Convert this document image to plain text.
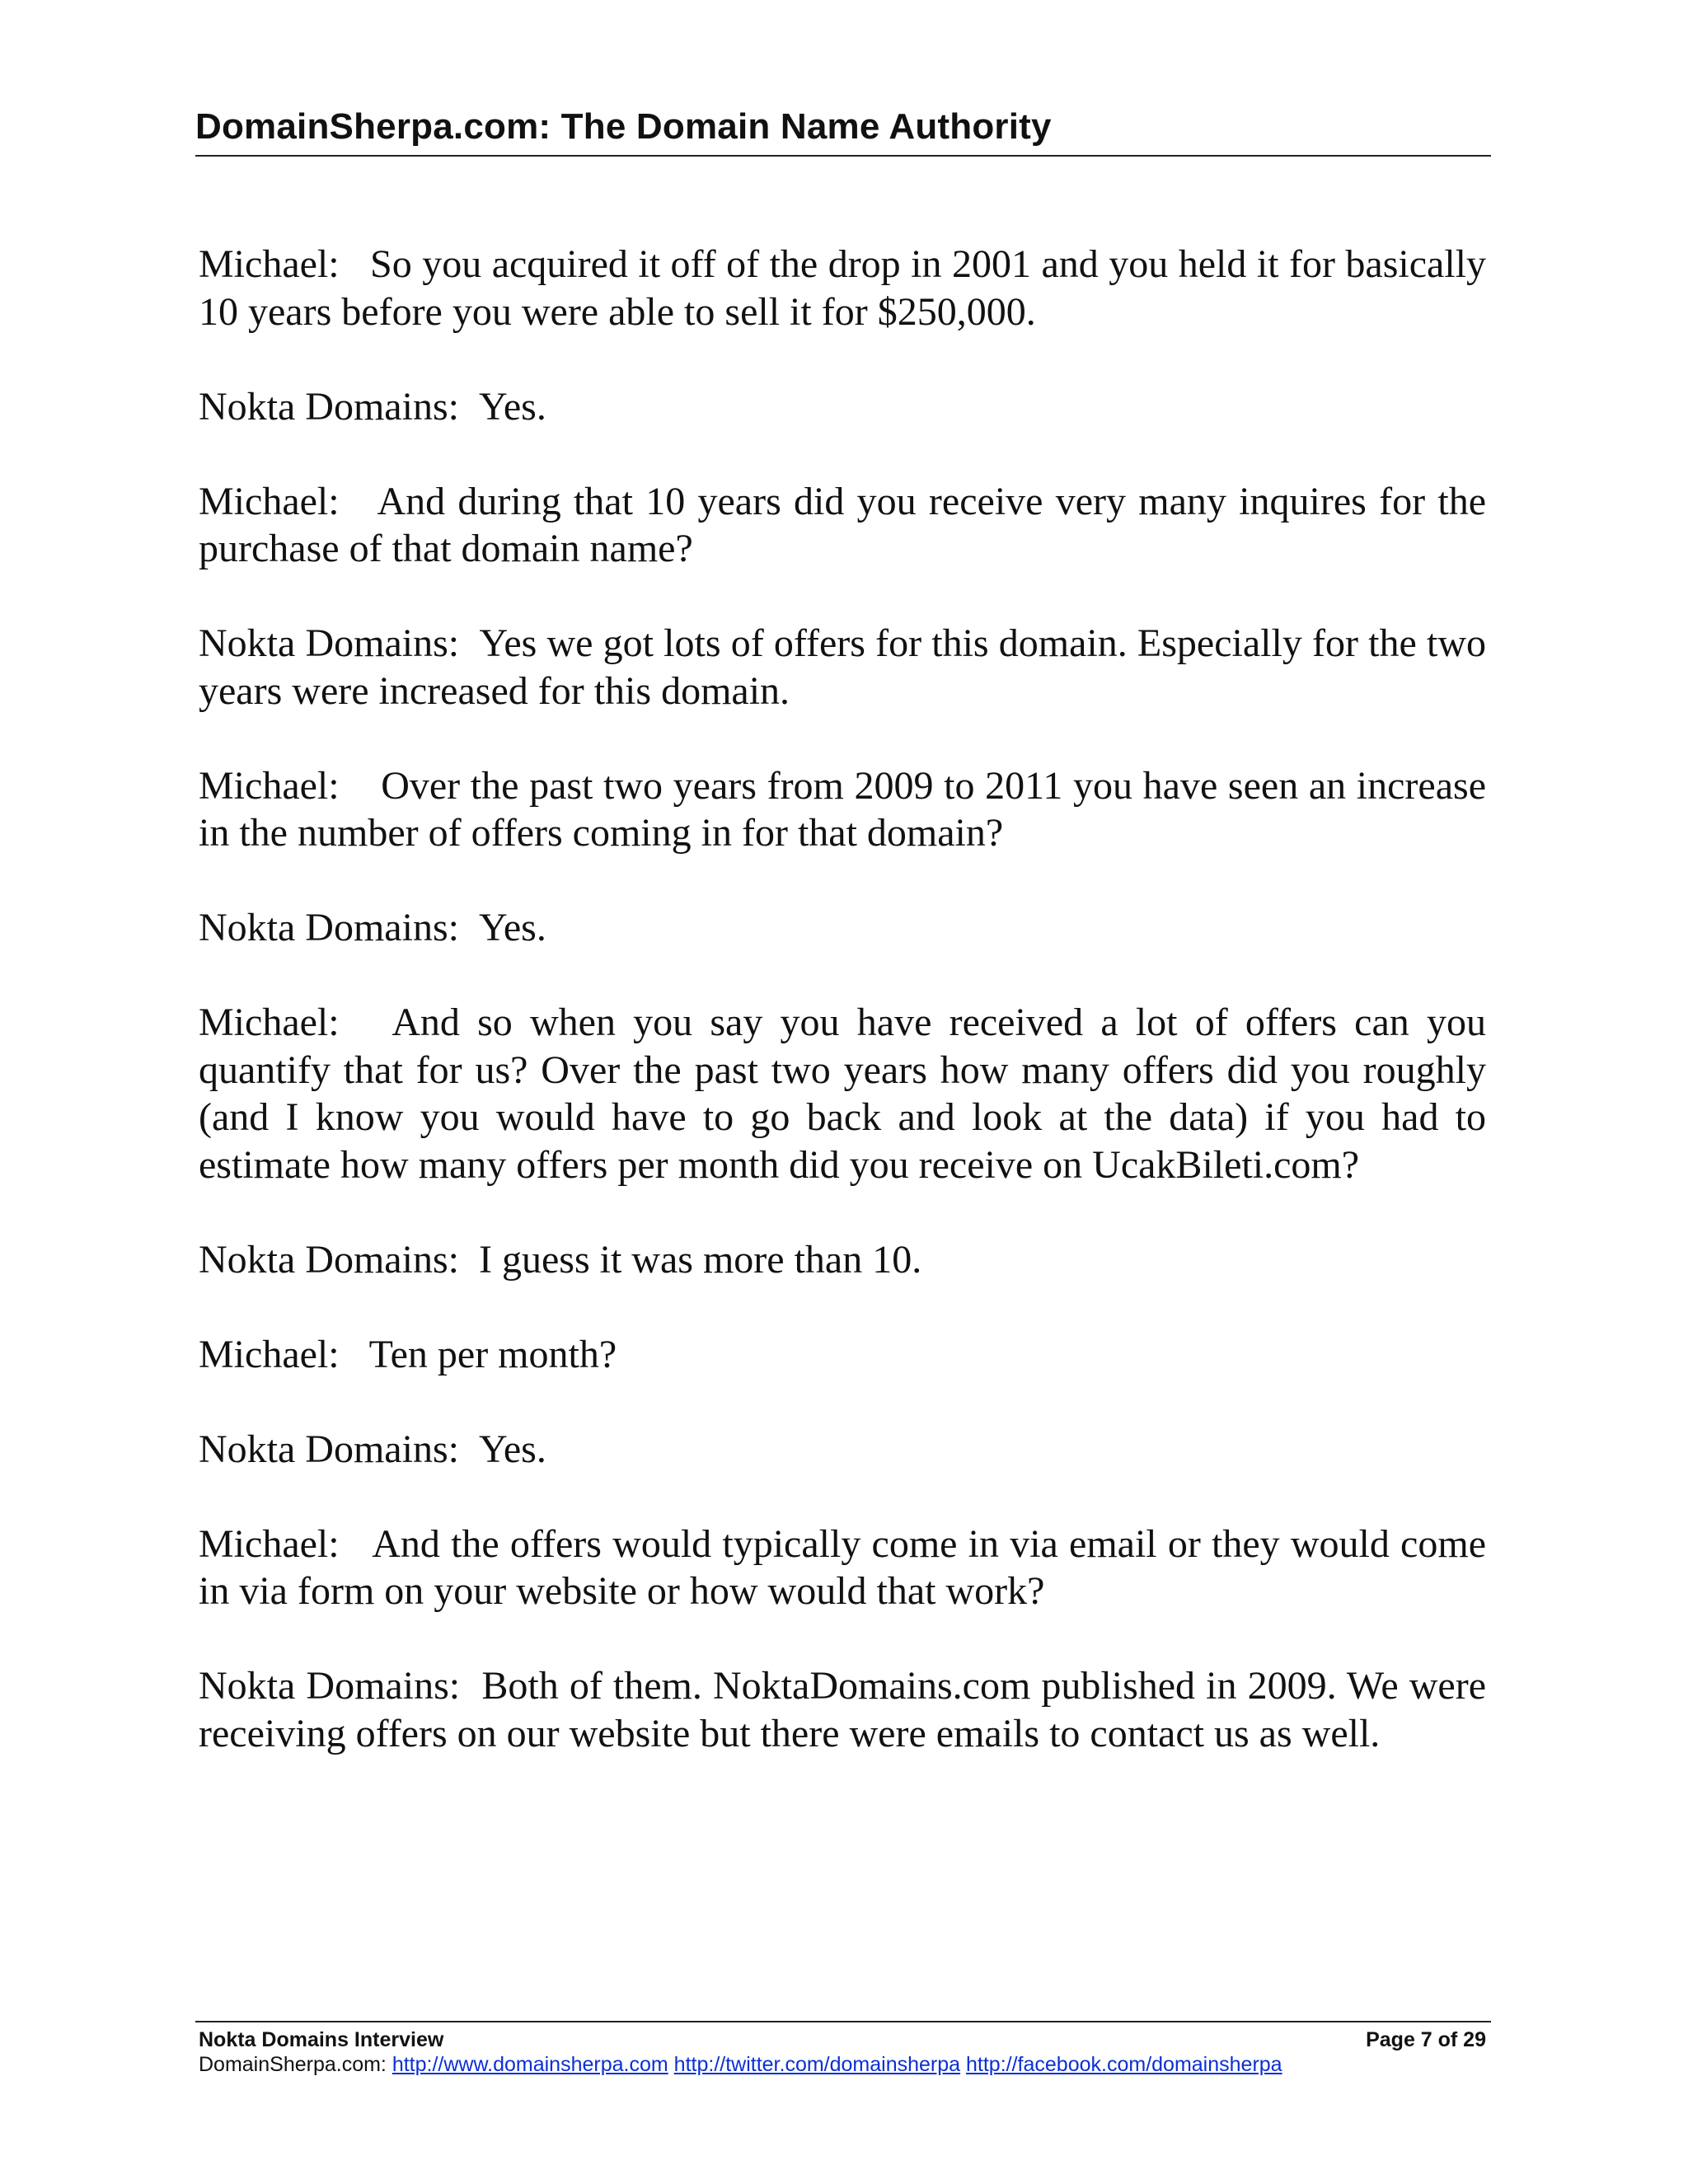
DomainSherpa.com: The Domain Name Authority

Michael: So you acquired it off of the drop in 2001 and you held it for basically 10 years before you were able to sell it for $250,000.

Nokta Domains: Yes.

Michael: And during that 10 years did you receive very many inquires for the purchase of that domain name?

Nokta Domains: Yes we got lots of offers for this domain. Especially for the two years were increased for this domain.

Michael: Over the past two years from 2009 to 2011 you have seen an increase in the number of offers coming in for that domain?

Nokta Domains: Yes.

Michael: And so when you say you have received a lot of offers can you quantify that for us? Over the past two years how many offers did you roughly (and I know you would have to go back and look at the data) if you had to estimate how many offers per month did you receive on UcakBileti.com?

Nokta Domains: I guess it was more than 10.

Michael: Ten per month?

Nokta Domains: Yes.

Michael: And the offers would typically come in via email or they would come in via form on your website or how would that work?

Nokta Domains: Both of them. NoktaDomains.com published in 2009. We were receiving offers on our website but there were emails to contact us as well.

Nokta Domains Interview	Page 7 of 29
DomainSherpa.com: http://www.domainsherpa.com http://twitter.com/domainsherpa http://facebook.com/domainsherpa
